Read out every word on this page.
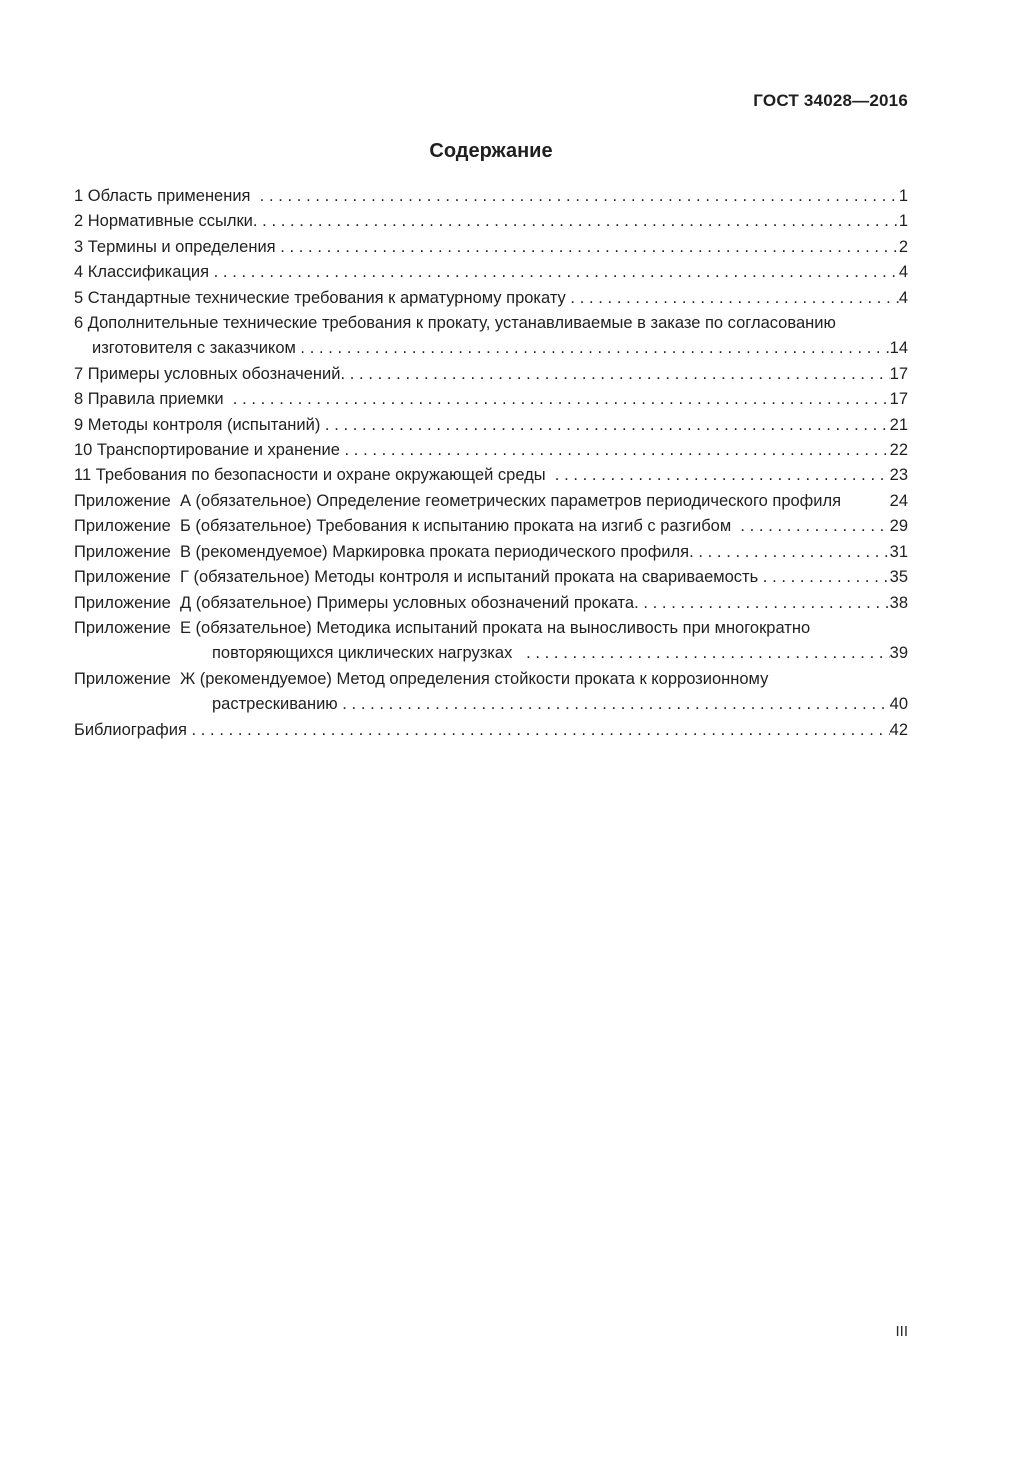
ГОСТ 34028—2016
Содержание
1 Область применения .....	1
2 Нормативные ссылки .....	1
3 Термины и определения .....	2
4 Классификация .....	4
5 Стандартные технические требования к арматурному прокату .....	4
6 Дополнительные технические требования к прокату, устанавливаемые в заказе по согласованию
изготовителя с заказчиком .....	14
7 Примеры условных обозначений .....	17
8 Правила приемки .....	17
9 Методы контроля (испытаний) .....	21
10 Транспортирование и хранение .....	22
11 Требования по безопасности и охране окружающей среды .....	23
Приложение  А (обязательное) Определение геометрических параметров периодического профиля	24
Приложение  Б (обязательное) Требования к испытанию проката на изгиб с разгибом .....	29
Приложение  В (рекомендуемое) Маркировка проката периодического профиля .....	31
Приложение  Г (обязательное) Методы контроля и испытаний проката на свариваемость .....	35
Приложение  Д (обязательное) Примеры условных обозначений проката .....	38
Приложение  Е (обязательное) Методика испытаний проката на выносливость при многократно
повторяющихся циклических нагрузках .....	39
Приложение  Ж (рекомендуемое) Метод определения стойкости проката к коррозионному
растрескиванию .....	40
Библиография .....	42
III
